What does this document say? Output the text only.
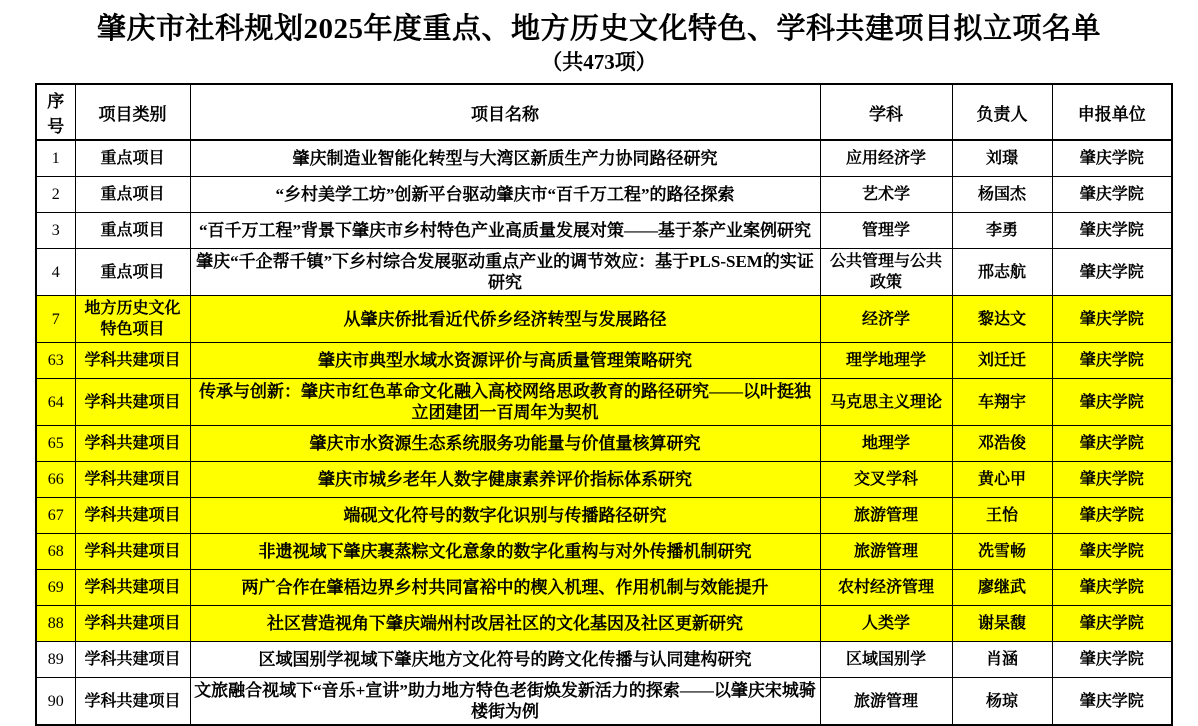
肇庆市社科规划2025年度重点、地方历史文化特色、学科共建项目拟立项名单
（共473项）
序号	项目类别	项目名称	学科	负责人	申报单位
1	重点项目	肇庆制造业智能化转型与大湾区新质生产力协同路径研究	应用经济学	刘璟	肇庆学院
2	重点项目	“乡村美学工坊”创新平台驱动肇庆市“百千万工程”的路径探索	艺术学	杨国杰	肇庆学院
3	重点项目	“百千万工程”背景下肇庆市乡村特色产业高质量发展对策——基于茶产业案例研究	管理学	李勇	肇庆学院
4	重点项目	肇庆“千企帮千镇”下乡村综合发展驱动重点产业的调节效应：基于PLS-SEM的实证研究	公共管理与公共政策	邢志航	肇庆学院
7	地方历史文化特色项目	从肇庆侨批看近代侨乡经济转型与发展路径	经济学	黎达文	肇庆学院
63	学科共建项目	肇庆市典型水域水资源评价与高质量管理策略研究	理学地理学	刘迁迁	肇庆学院
64	学科共建项目	传承与创新：肇庆市红色革命文化融入高校网络思政教育的路径研究——以叶挺独立团建团一百周年为契机	马克思主义理论	车翔宇	肇庆学院
65	学科共建项目	肇庆市水资源生态系统服务功能量与价值量核算研究	地理学	邓浩俊	肇庆学院
66	学科共建项目	肇庆市城乡老年人数字健康素养评价指标体系研究	交叉学科	黄心甲	肇庆学院
67	学科共建项目	端砚文化符号的数字化识别与传播路径研究	旅游管理	王怡	肇庆学院
68	学科共建项目	非遗视域下肇庆裹蒸粽文化意象的数字化重构与对外传播机制研究	旅游管理	冼雪畅	肇庆学院
69	学科共建项目	两广合作在肇梧边界乡村共同富裕中的楔入机理、作用机制与效能提升	农村经济管理	廖继武	肇庆学院
88	学科共建项目	社区营造视角下肇庆端州村改居社区的文化基因及社区更新研究	人类学	谢杲馥	肇庆学院
89	学科共建项目	区域国别学视域下肇庆地方文化符号的跨文化传播与认同建构研究	区域国别学	肖涵	肇庆学院
90	学科共建项目	文旅融合视域下“音乐+宣讲”助力地方特色老街焕发新活力的探索——以肇庆宋城骑楼街为例	旅游管理	杨琼	肇庆学院
